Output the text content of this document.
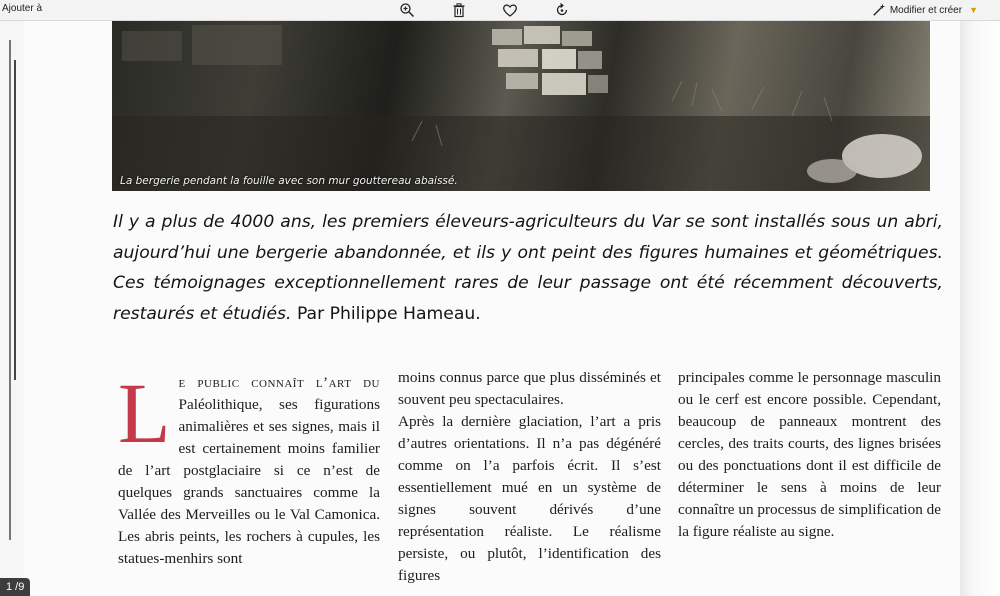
Ajouter à	Modifier et créer ▼
La bergerie pendant la fouille avec son mur gouttereau abaissé.
Il y a plus de 4000 ans, les premiers éleveurs-agriculteurs du Var se sont installés sous un abri, aujourd’hui une bergerie abandonnée, et ils y ont peint des figures humaines et géométriques. Ces témoignages exceptionnellement rares de leur passage ont été récemment découverts, restaurés et étudiés. Par Philippe Hameau.
L e public connaît l’art du Paléolithique, ses figurations animalières et ses signes, mais il est certainement moins familier de l’art postglaciaire si ce n’est de quelques grands sanctuaires comme la Vallée des Merveilles ou le Val Camonica. Les abris peints, les rochers à cupules, les statues-menhirs sont

moins connus parce que plus disséminés et souvent peu spectaculaires.

Après la dernière glaciation, l’art a pris d’autres orientations. Il n’a pas dégénéré comme on l’a parfois écrit. Il s’est essentiellement mué en un système de signes souvent dérivés d’une représentation réaliste. Le réalisme persiste, ou plutôt, l’identification des figures

principales comme le personnage masculin ou le cerf est encore possible. Cependant, beaucoup de panneaux montrent des cercles, des traits courts, des lignes brisées ou des ponctuations dont il est difficile de déterminer le sens à moins de leur connaître un processus de simplification de la figure réaliste au signe.

1 /9
